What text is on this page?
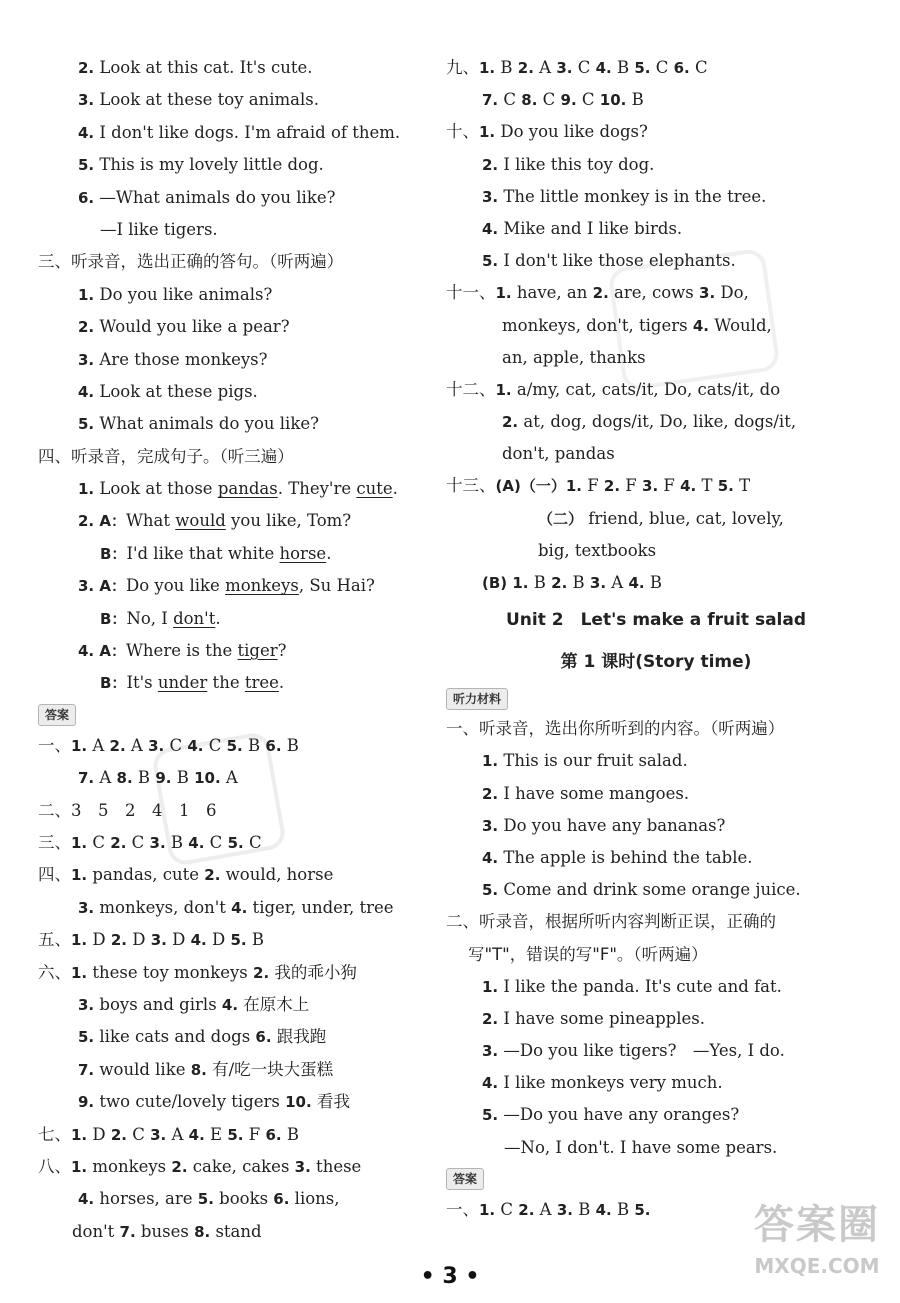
2. Look at this cat. It's cute.
3. Look at these toy animals.
4. I don't like dogs. I'm afraid of them.
5. This is my lovely little dog.
6. —What animals do you like?
—I like tigers.
三、听录音，选出正确的答句。（听两遍）
1. Do you like animals?
2. Would you like a pear?
3. Are those monkeys?
4. Look at these pigs.
5. What animals do you like?
四、听录音，完成句子。（听三遍）
1. Look at those pandas. They're cute.
2. A：What would you like, Tom?
B：I'd like that white horse.
3. A：Do you like monkeys, Su Hai?
B：No, I don't.
4. A：Where is the tiger?
B：It's under the tree.
答案
一、1. A 2. A 3. C 4. C 5. B 6. B
7. A 8. B 9. B 10. A
二、3　5　2　4　1　6
三、1. C 2. C 3. B 4. C 5. C
四、1. pandas, cute 2. would, horse
3. monkeys, don't 4. tiger, under, tree
五、1. D 2. D 3. D 4. D 5. B
六、1. these toy monkeys 2. 我的乖小狗
3. boys and girls 4. 在原木上
5. like cats and dogs 6. 跟我跑
7. would like 8. 有/吃一块大蛋糕
9. two cute/lovely tigers 10. 看我
七、1. D 2. C 3. A 4. E 5. F 6. B
八、1. monkeys 2. cake, cakes 3. these
4. horses, are 5. books 6. lions,
don't 7. buses 8. stand
九、1. B 2. A 3. C 4. B 5. C 6. C
7. C 8. C 9. C 10. B
十、1. Do you like dogs?
2. I like this toy dog.
3. The little monkey is in the tree.
4. Mike and I like birds.
5. I don't like those elephants.
十一、1. have, an 2. are, cows 3. Do,
monkeys, don't, tigers 4. Would,
an, apple, thanks
十二、1. a/my, cat, cats/it, Do, cats/it, do
2. at, dog, dogs/it, Do, like, dogs/it,
don't, pandas
十三、(A)（一）1. F 2. F 3. F 4. T 5. T
（二） friend, blue, cat, lovely,
big, textbooks
(B) 1. B 2. B 3. A 4. B
Unit 2　Let's make a fruit salad
第 1 课时(Story time)
听力材料
一、听录音，选出你所听到的内容。（听两遍）
1. This is our fruit salad.
2. I have some mangoes.
3. Do you have any bananas?
4. The apple is behind the table.
5. Come and drink some orange juice.
二、听录音，根据所听内容判断正误，正确的
写"T"，错误的写"F"。（听两遍）
1. I like the panda. It's cute and fat.
2. I have some pineapples.
3. —Do you like tigers?　—Yes, I do.
4. I like monkeys very much.
5. —Do you have any oranges?
—No, I don't. I have some pears.
答案
一、1. C 2. A 3. B 4. B 5.
• 3 •
答案圈
MXQE.COM
